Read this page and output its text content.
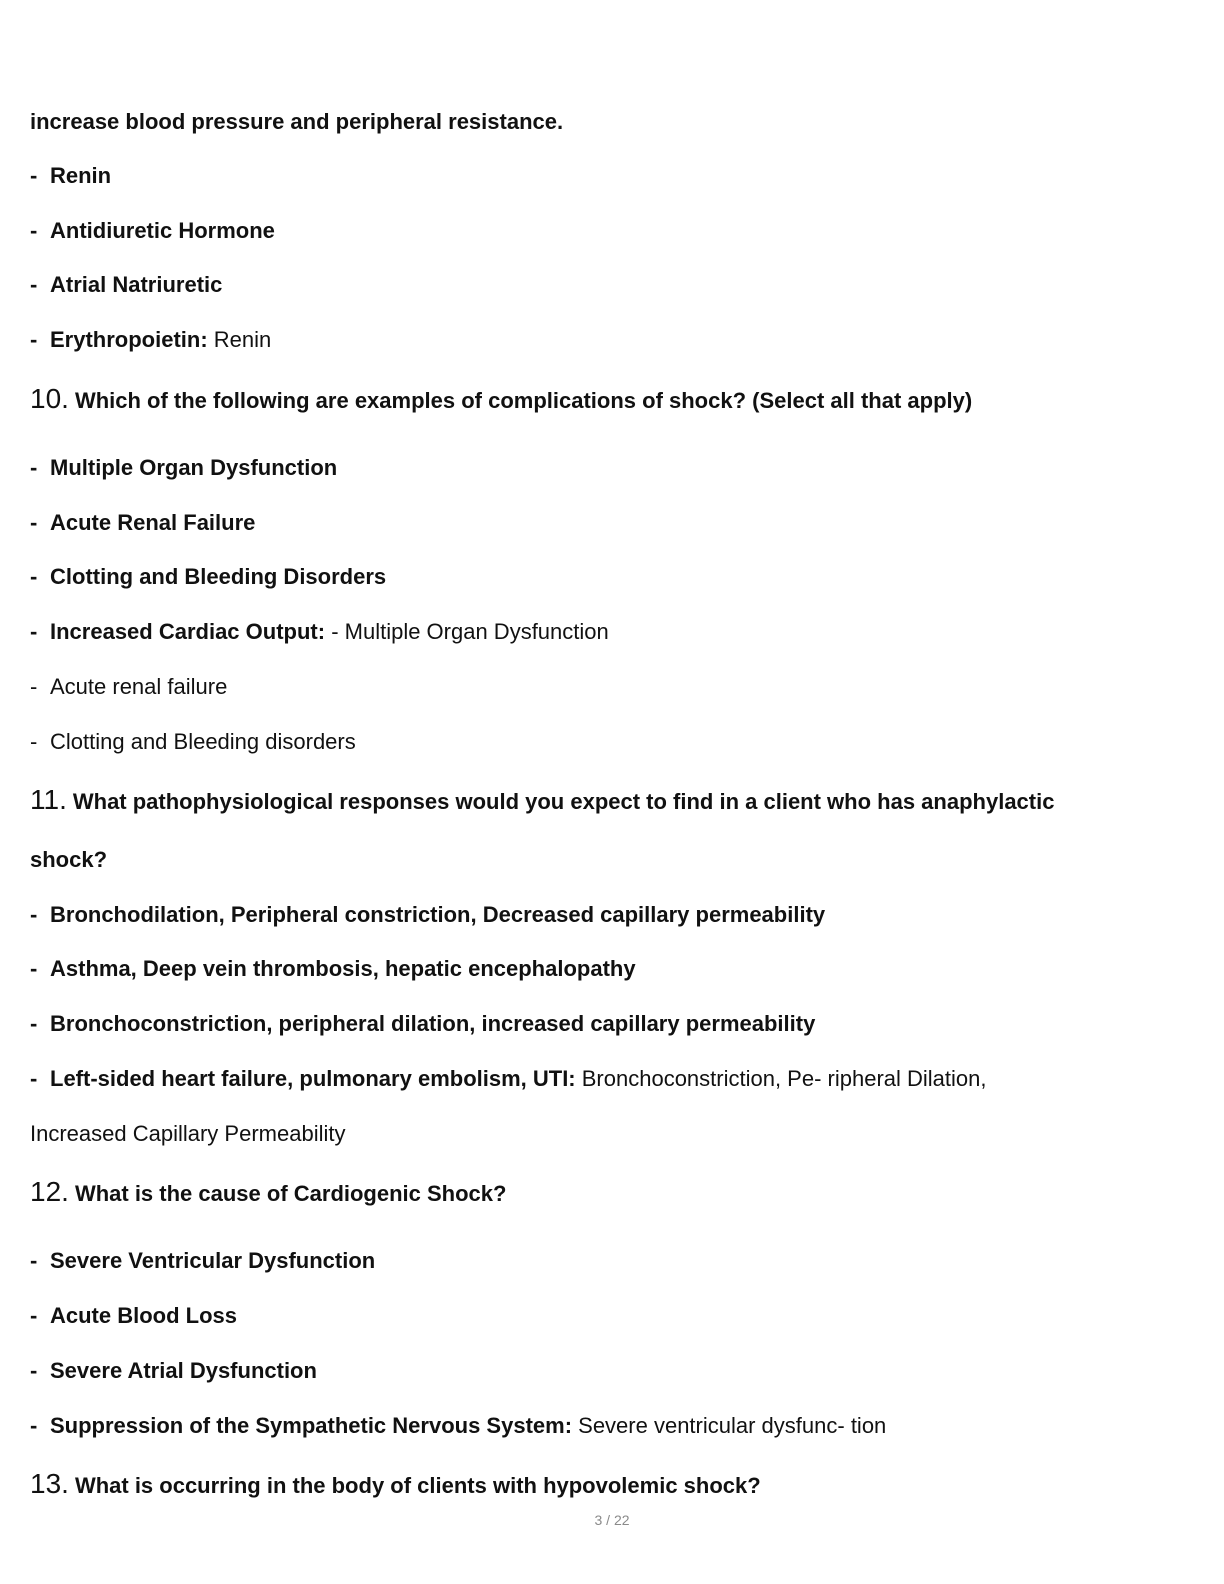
increase blood pressure and peripheral resistance.
- Renin
- Antidiuretic Hormone
- Atrial Natriuretic
- Erythropoietin: Renin
10. Which of the following are examples of complications of shock? (Select all that apply)
- Multiple Organ Dysfunction
- Acute Renal Failure
- Clotting and Bleeding Disorders
- Increased Cardiac Output: - Multiple Organ Dysfunction
- Acute renal failure
- Clotting and Bleeding disorders
11. What pathophysiological responses would you expect to find in a client who has anaphylactic
shock?
- Bronchodilation, Peripheral constriction, Decreased capillary permeability
- Asthma, Deep vein thrombosis, hepatic encephalopathy
- Bronchoconstriction, peripheral dilation, increased capillary permeability
- Left-sided heart failure, pulmonary embolism, UTI: Bronchoconstriction, Pe- ripheral Dilation,
Increased Capillary Permeability
12. What is the cause of Cardiogenic Shock?
- Severe Ventricular Dysfunction
- Acute Blood Loss
- Severe Atrial Dysfunction
- Suppression of the Sympathetic Nervous System: Severe ventricular dysfunc- tion
13. What is occurring in the body of clients with hypovolemic shock?
3 / 22
